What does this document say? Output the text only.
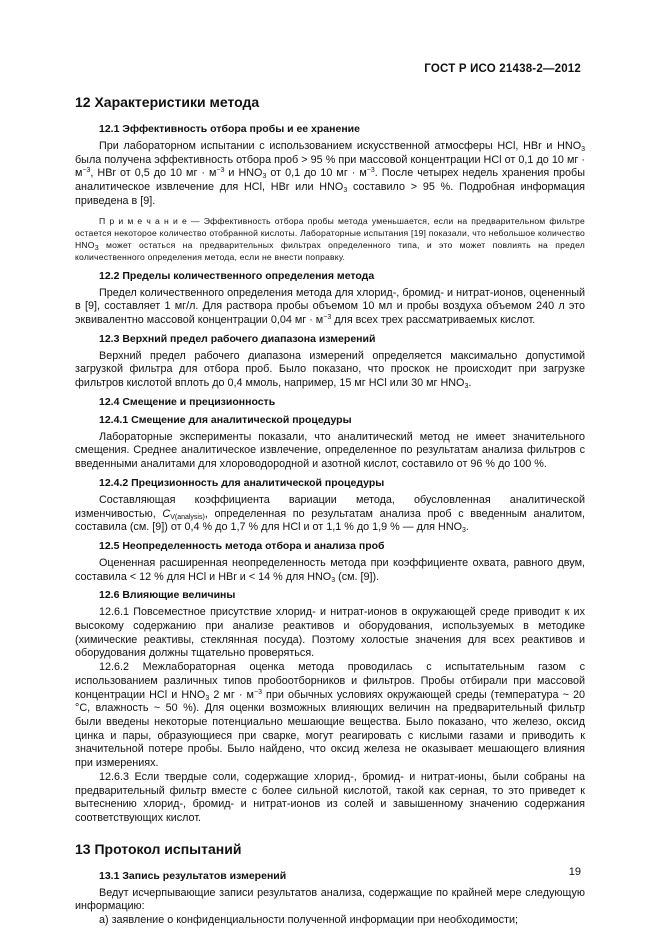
ГОСТ Р ИСО 21438-2—2012
12 Характеристики метода
12.1 Эффективность отбора пробы и ее хранение

При лабораторном испытании с использованием искусственной атмосферы HCl, HBr и $HNO_3$ была получена эффективность отбора проб > 95 % при массовой концентрации HCl от 0,1 до 10 мг · $м^{-3}$, HBr от 0,5 до 10 мг · $м^{-3}$ и $HNO_3$ от 0,1 до 10 мг · $м^{-3}$. После четырех недель хранения пробы аналитическое извлечение для HCl, HBr или $HNO_3$ составило > 95 %. Подробная информация приведена в [9].

П р и м е ч а н и е — Эффективность отбора пробы метода уменьшается, если на предварительном фильтре остается некоторое количество отобранной кислоты. Лабораторные испытания [19] показали, что небольшое количество $HNO_3$ может остаться на предварительных фильтрах определенного типа, и это может повлиять на предел количественного определения метода, если не внести поправку.

12.2 Пределы количественного определения метода

Предел количественного определения метода для хлорид-, бромид- и нитрат-ионов, оцененный в [9], составляет 1 мг/л. Для раствора пробы объемом 10 мл и пробы воздуха объемом 240 л это эквивалентно массовой концентрации 0,04 мг · $м^{-3}$ для всех трех рассматриваемых кислот.

12.3 Верхний предел рабочего диапазона измерений

Верхний предел рабочего диапазона измерений определяется максимально допустимой загрузкой фильтра для отбора проб. Было показано, что проскок не происходит при загрузке фильтров кислотой вплоть до 0,4 ммоль, например, 15 мг HCl или 30 мг $HNO_3$.

12.4 Смещение и прецизионность
12.4.1 Смещение для аналитической процедуры

Лабораторные эксперименты показали, что аналитический метод не имеет значительного смещения. Среднее аналитическое извлечение, определенное по результатам анализа фильтров с введенными аналитами для хлороводородной и азотной кислот, составило от 96 % до 100 %.

12.4.2 Прецизионность для аналитической процедуры

Составляющая коэффициента вариации метода, обусловленная аналитической изменчивостью, $C_{V(analysis)}$, определенная по результатам анализа проб с введенным аналитом, составила (см. [9]) от 0,4 % до 1,7 % для HCl и от 1,1 % до 1,9 % — для $HNO_3$.

12.5 Неопределенность метода отбора и анализа проб

Оцененная расширенная неопределенность метода при коэффициенте охвата, равного двум, составила < 12 % для HCl и HBr и < 14 % для $HNO_3$ (см. [9]).

12.6 Влияющие величины

12.6.1 Повсеместное присутствие хлорид- и нитрат-ионов в окружающей среде приводит к их высокому содержанию при анализе реактивов и оборудования, используемых в методике (химические реактивы, стеклянная посуда). Поэтому холостые значения для всех реактивов и оборудования должны тщательно проверяться.

12.6.2 Межлабораторная оценка метода проводилась с испытательным газом с использованием различных типов пробоотборников и фильтров. Пробы отбирали при массовой концентрации HCl и $HNO_3$ 2 мг · $м^{-3}$ при обычных условиях окружающей среды (температура ~ 20 °С, влажность ~ 50 %). Для оценки возможных влияющих величин на предварительный фильтр были введены некоторые потенциально мешающие вещества. Было показано, что железо, оксид цинка и пары, образующиеся при сварке, могут реагировать с кислыми газами и приводить к значительной потере пробы. Было найдено, что оксид железа не оказывает мешающего влияния при измерениях.

12.6.3 Если твердые соли, содержащие хлорид-, бромид- и нитрат-ионы, были собраны на предварительный фильтр вместе с более сильной кислотой, такой как серная, то это приведет к вытеснению хлорид-, бромид- и нитрат-ионов из солей и завышенному значению содержания соответствующих кислот.

13 Протокол испытаний
13.1 Запись результатов измерений

Ведут исчерпывающие записи результатов анализа, содержащие по крайней мере следующую информацию:

а) заявление о конфиденциальности полученной информации при необходимости;

19
